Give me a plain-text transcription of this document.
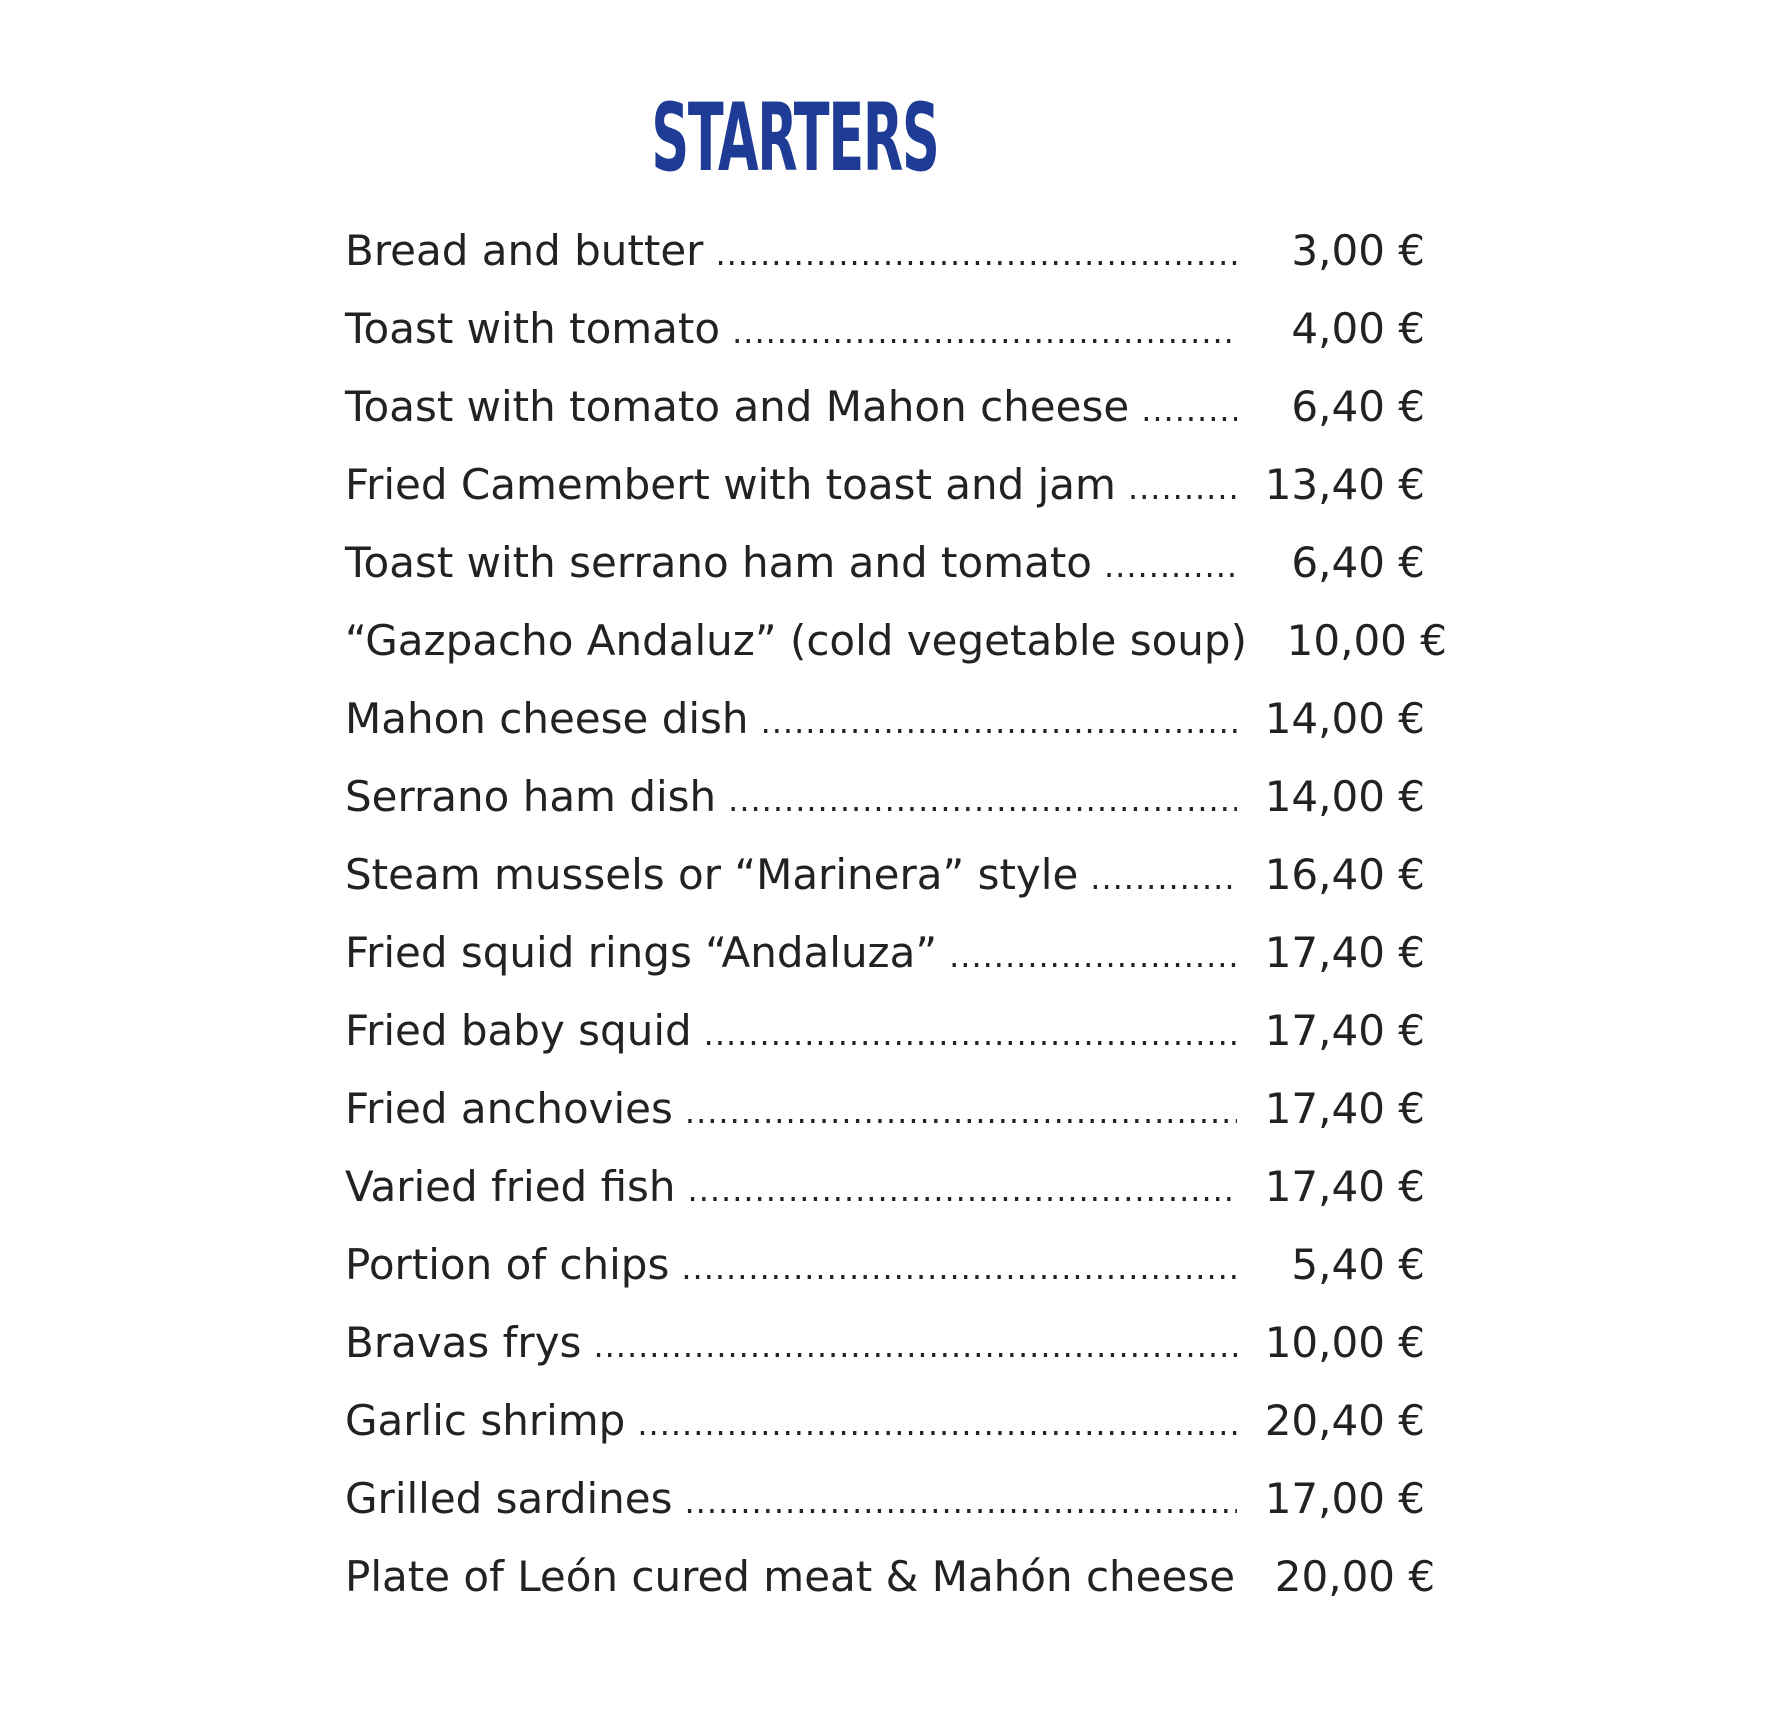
STARTERS
Bread and butter .....	3,00 €
Toast with tomato .....	4,00 €
Toast with tomato and Mahon cheese .....	6,40 €
Fried Camembert with toast and jam .....	13,40 €
Toast with serrano ham and tomato .....	6,40 €
“Gazpacho Andaluz” (cold vegetable soup) 10,00 €
Mahon cheese dish .....	14,00 €
Serrano ham dish .....	14,00 €
Steam mussels or “Marinera” style .....	16,40 €
Fried squid rings “Andaluza” .....	17,40 €
Fried baby squid .....	17,40 €
Fried anchovies .....	17,40 €
Varied fried fish .....	17,40 €
Portion of chips .....	5,40 €
Bravas frys .....	10,00 €
Garlic shrimp .....	20,40 €
Grilled sardines .....	17,00 €
Plate of León cured meat & Mahón cheese 20,00 €
